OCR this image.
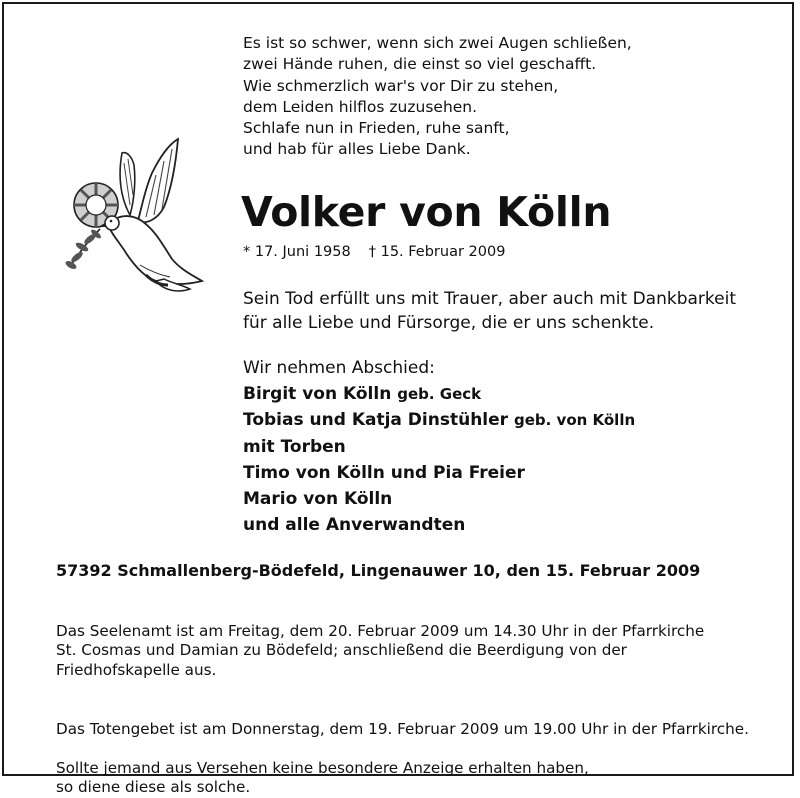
Es ist so schwer, wenn sich zwei Augen schließen,
zwei Hände ruhen, die einst so viel geschafft.
Wie schmerzlich war's vor Dir zu stehen,
dem Leiden hilflos zuzusehen.
Schlafe nun in Frieden, ruhe sanft,
und hab für alles Liebe Dank.
Volker von Kölln
* 17. Juni 1958 † 15. Februar 2009
Sein Tod erfüllt uns mit Trauer, aber auch mit Dankbarkeit
für alle Liebe und Fürsorge, die er uns schenkte.
Wir nehmen Abschied:
Birgit von Kölln geb. Geck
Tobias und Katja Dinstühler geb. von Kölln
mit Torben
Timo von Kölln und Pia Freier
Mario von Kölln
und alle Anverwandten
57392 Schmallenberg-Bödefeld, Lingenauwer 10, den 15. Februar 2009

Das Seelenamt ist am Freitag, dem 20. Februar 2009 um 14.30 Uhr in der Pfarrkirche
St. Cosmas und Damian zu Bödefeld; anschließend die Beerdigung von der
Friedhofskapelle aus.

Das Totengebet ist am Donnerstag, dem 19. Februar 2009 um 19.00 Uhr in der Pfarrkirche.
Sollte jemand aus Versehen keine besondere Anzeige erhalten haben,
so diene diese als solche.
